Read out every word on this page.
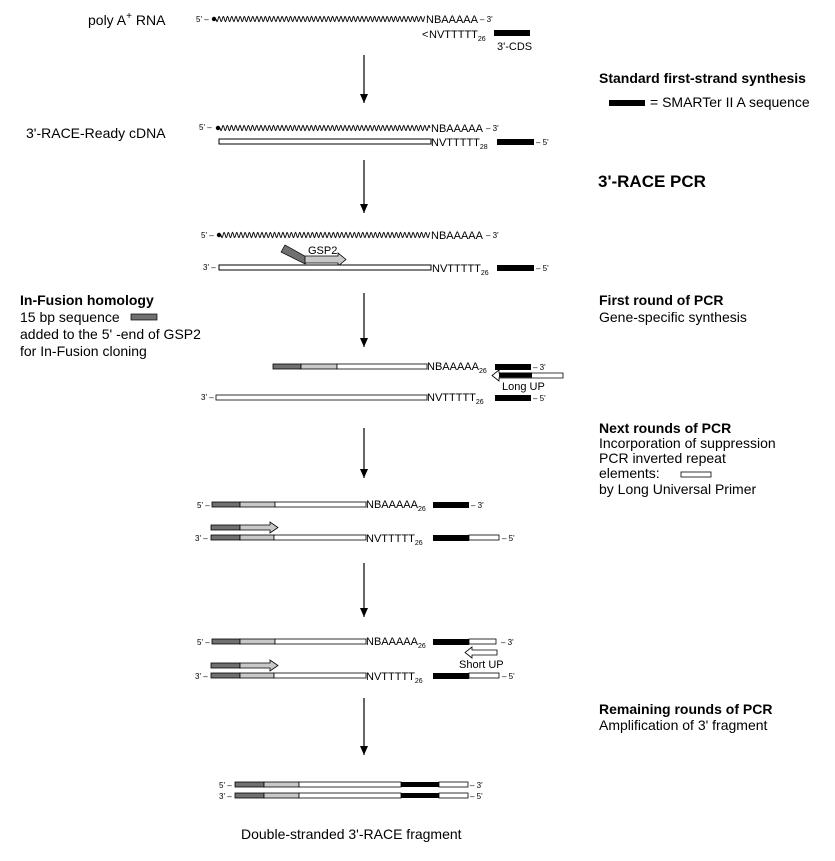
poly A+ RNA	5' –	NBAAAAA – 3'
< $NVTTTTT_{26}$
3'-CDS
Standard first-strand synthesis
= SMARTer II A sequence
3'-RACE-Ready cDNA	5' –	NBAAAAA – 3'
$NVTTTTT_{28}$
– 5'
3'-RACE PCR
5' –	NBAAAAA – 3'
GSP2
3' –	$NVTTTTT_{26}$
– 5'
In-Fusion homology
15 bp sequence
added to the 5' -end of GSP2
for In-Fusion cloning
First round of PCR
Gene-specific synthesis
$NBAAAAA_{26}$	– 3'
Long UP
3' –	$NVTTTTT_{26}$	– 5'
Next rounds of PCR
Incorporation of suppression
PCR inverted repeat
elements:
by Long Universal Primer
5' –	$NBAAAAA_{26}$	– 3'
3' –	$NVTTTTT_{26}$
– 5'
5' –	$NBAAAAA_{26}$	– 3'
Short UP
3' –	$NVTTTTT_{26}$
– 5'
Remaining rounds of PCR
Amplification of 3' fragment
5' –	– 3'
3' –	– 5'
Double-stranded 3'-RACE fragment
